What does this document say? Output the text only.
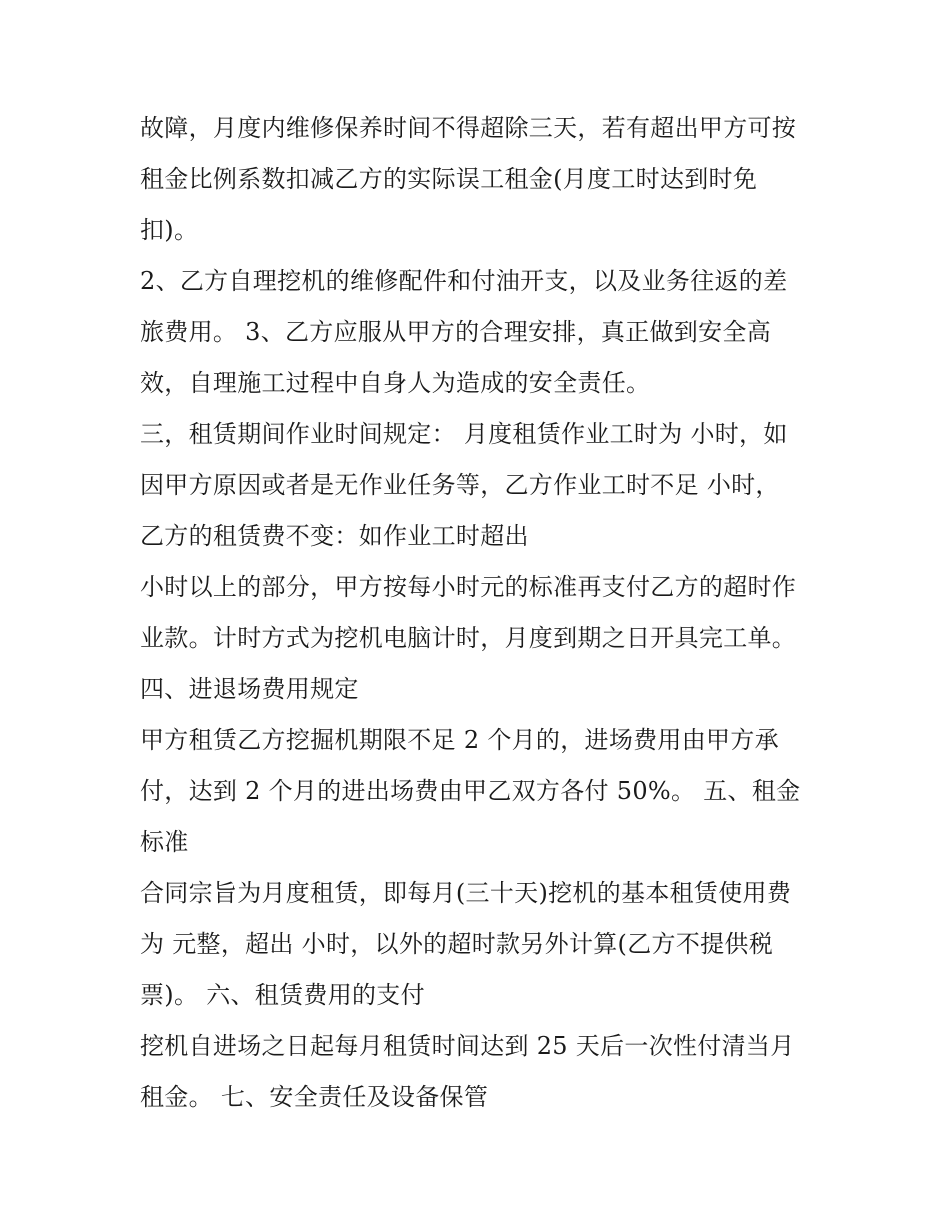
故障，月度内维修保养时间不得超除三天，若有超出甲方可按
租金比例系数扣减乙方的实际误工租金(月度工时达到时免
扣)。
2、乙方自理挖机的维修配件和付油开支，以及业务往返的差
旅费用。 3、乙方应服从甲方的合理安排，真正做到安全高
效，自理施工过程中自身人为造成的安全责任。
三，租赁期间作业时间规定： 月度租赁作业工时为 小时，如
因甲方原因或者是无作业任务等，乙方作业工时不足 小时，
乙方的租赁费不变：如作业工时超出
小时以上的部分，甲方按每小时元的标准再支付乙方的超时作
业款。计时方式为挖机电脑计时，月度到期之日开具完工单。
四、进退场费用规定
甲方租赁乙方挖掘机期限不足 2 个月的，进场费用由甲方承
付，达到 2 个月的进出场费由甲乙双方各付 50%。 五、租金
标准
合同宗旨为月度租赁，即每月(三十天)挖机的基本租赁使用费
为 元整，超出 小时，以外的超时款另外计算(乙方不提供税
票)。 六、租赁费用的支付
挖机自进场之日起每月租赁时间达到 25 天后一次性付清当月
租金。 七、安全责任及设备保管
